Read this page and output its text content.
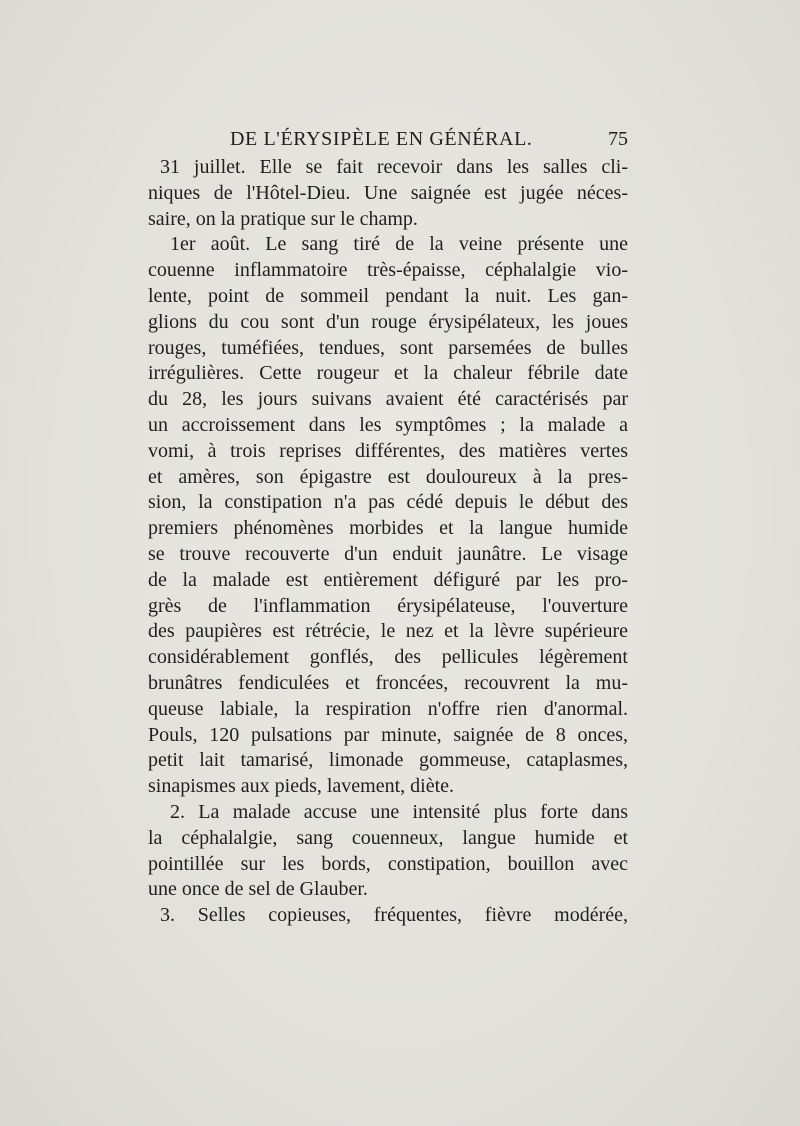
DE L'ÉRYSIPÈLE EN GÉNÉRAL.	75
31 juillet. Elle se fait recevoir dans les salles cli-
niques de l'Hôtel-Dieu. Une saignée est jugée néces-
saire, on la pratique sur le champ.
1er août. Le sang tiré de la veine présente une
couenne inflammatoire très-épaisse, céphalalgie vio-
lente, point de sommeil pendant la nuit. Les gan-
glions du cou sont d'un rouge érysipélateux, les joues
rouges, tuméfiées, tendues, sont parsemées de bulles
irrégulières. Cette rougeur et la chaleur fébrile date
du 28, les jours suivans avaient été caractérisés par
un accroissement dans les symptômes ; la malade a
vomi, à trois reprises différentes, des matières vertes
et amères, son épigastre est douloureux à la pres-
sion, la constipation n'a pas cédé depuis le début des
premiers phénomènes morbides et la langue humide
se trouve recouverte d'un enduit jaunâtre. Le visage
de la malade est entièrement défiguré par les pro-
grès de l'inflammation érysipélateuse, l'ouverture
des paupières est rétrécie, le nez et la lèvre supérieure
considérablement gonflés, des pellicules légèrement
brunâtres fendiculées et froncées, recouvrent la mu-
queuse labiale, la respiration n'offre rien d'anormal.
Pouls, 120 pulsations par minute, saignée de 8 onces,
petit lait tamarisé, limonade gommeuse, cataplasmes,
sinapismes aux pieds, lavement, diète.
2. La malade accuse une intensité plus forte dans
la céphalalgie, sang couenneux, langue humide et
pointillée sur les bords, constipation, bouillon avec
une once de sel de Glauber.
3. Selles copieuses, fréquentes, fièvre modérée,
